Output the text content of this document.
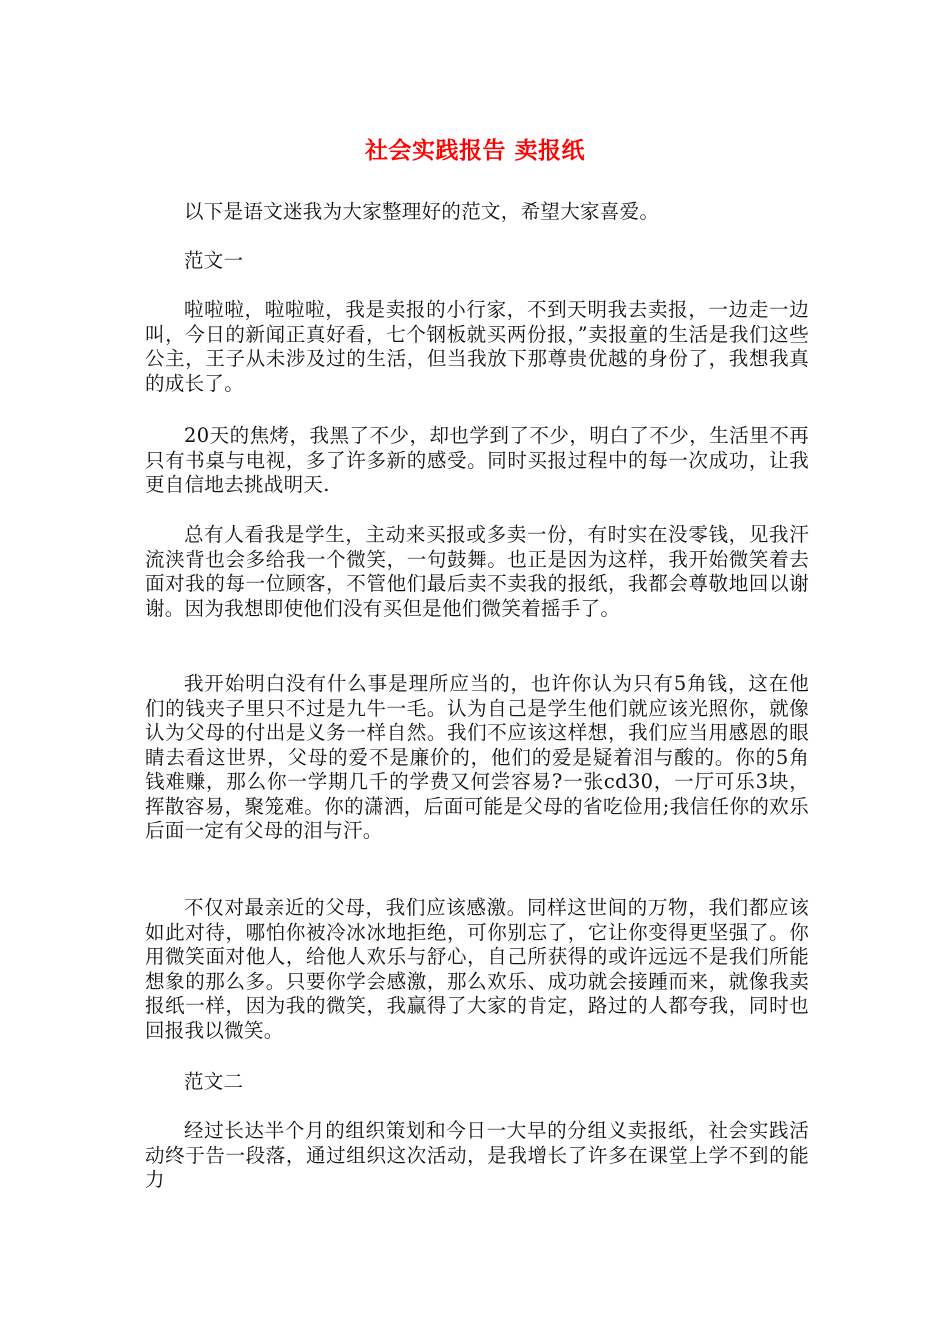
社会实践报告 卖报纸

以下是语文迷我为大家整理好的范文，希望大家喜爱。

范文一

啦啦啦，啦啦啦，我是卖报的小行家，不到天明我去卖报，一边走一边叫，今日的新闻正真好看，七个钢板就买两份报，”卖报童的生活是我们这些公主，王子从未涉及过的生活，但当我放下那尊贵优越的身份了，我想我真的成长了。

20天的焦烤，我黑了不少，却也学到了不少，明白了不少，生活里不再只有书桌与电视，多了许多新的感受。同时买报过程中的每一次成功，让我更自信地去挑战明天.

总有人看我是学生，主动来买报或多卖一份，有时实在没零钱，见我汗流浃背也会多给我一个微笑，一句鼓舞。也正是因为这样，我开始微笑着去面对我的每一位顾客，不管他们最后卖不卖我的报纸，我都会尊敬地回以谢谢。因为我想即使他们没有买但是他们微笑着摇手了。

我开始明白没有什么事是理所应当的，也许你认为只有5角钱，这在他们的钱夹子里只不过是九牛一毛。认为自己是学生他们就应该光照你，就像认为父母的付出是义务一样自然。我们不应该这样想，我们应当用感恩的眼睛去看这世界，父母的爱不是廉价的，他们的爱是疑着泪与酸的。你的5角钱难赚，那么你一学期几千的学费又何尝容易?一张cd30，一厅可乐3块，挥散容易，聚笼难。你的潇洒，后面可能是父母的省吃俭用;我信任你的欢乐后面一定有父母的泪与汗。

不仅对最亲近的父母，我们应该感激。同样这世间的万物，我们都应该如此对待，哪怕你被冷冰冰地拒绝，可你别忘了，它让你变得更坚强了。你用微笑面对他人，给他人欢乐与舒心，自己所获得的或许远远不是我们所能想象的那么多。只要你学会感激，那么欢乐、成功就会接踵而来，就像我卖报纸一样，因为我的微笑，我赢得了大家的肯定，路过的人都夸我，同时也回报我以微笑。

范文二

经过长达半个月的组织策划和今日一大早的分组义卖报纸，社会实践活动终于告一段落，通过组织这次活动，是我增长了许多在课堂上学不到的能力
